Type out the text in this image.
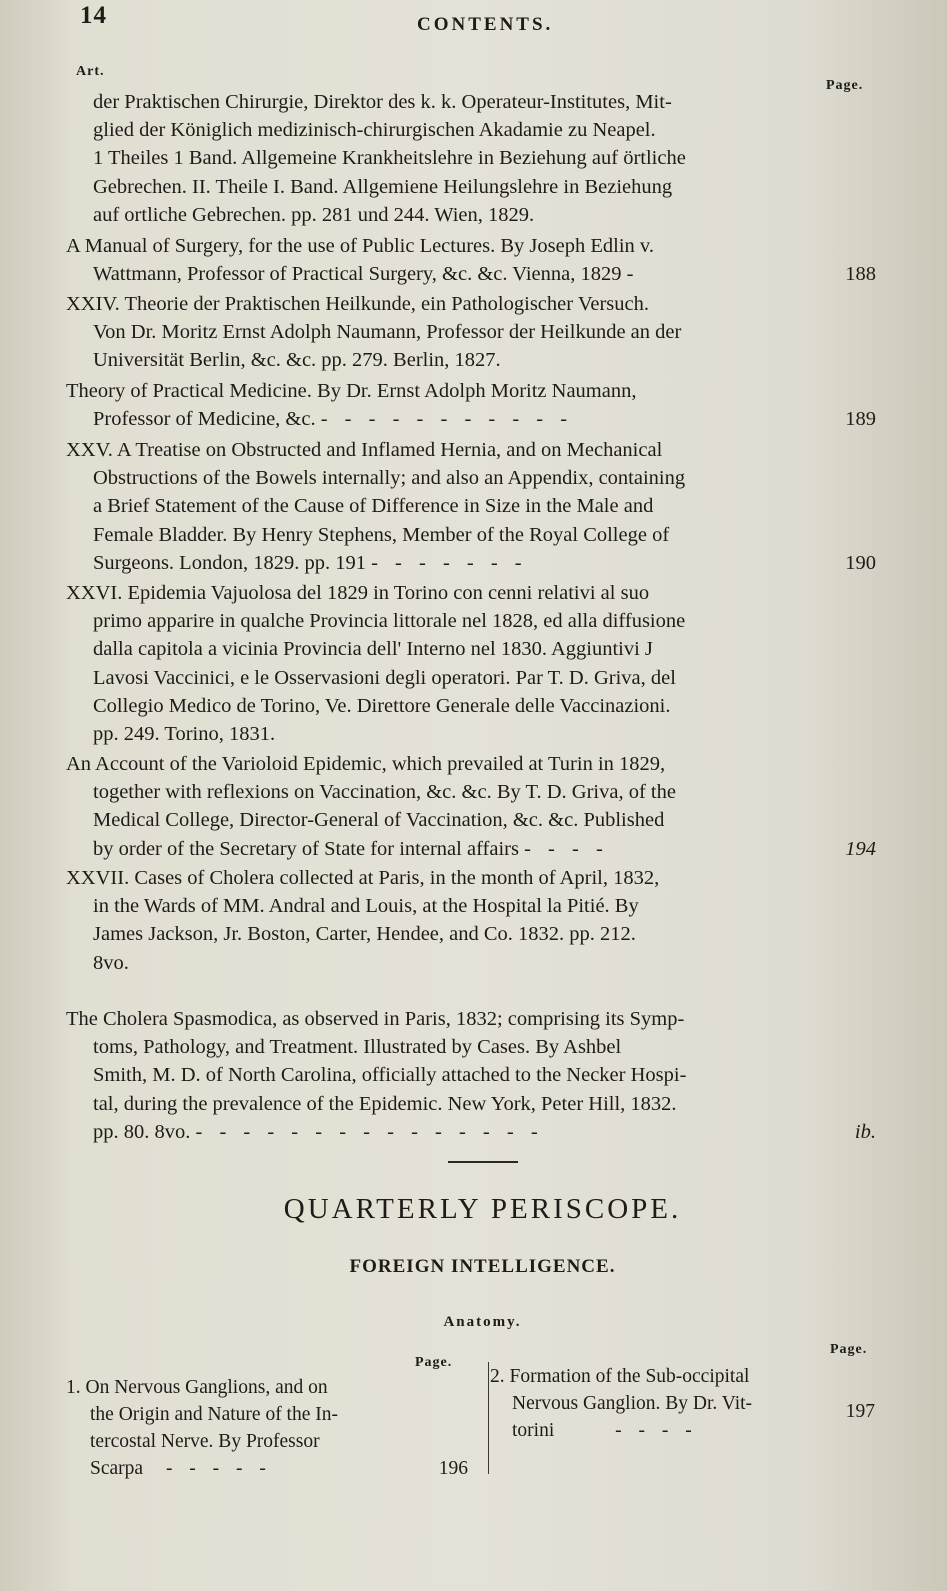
14	CONTENTS.
Art.
Page.
der Praktischen Chirurgie, Direktor des k. k. Operateur-Institutes, Mit-
glied der Königlich medizinisch-chirurgischen Akadamie zu Neapel.
1 Theiles 1 Band. Allgemeine Krankheitslehre in Beziehung auf örtliche
Gebrechen. II. Theile I. Band. Allgemiene Heilungslehre in Beziehung
auf ortliche Gebrechen. pp. 281 und 244. Wien, 1829.
A Manual of Surgery, for the use of Public Lectures. By Joseph Edlin v.
Wattmann, Professor of Practical Surgery, &c. &c. Vienna, 1829 -	188
XXIV. Theorie der Praktischen Heilkunde, ein Pathologischer Versuch.
Von Dr. Moritz Ernst Adolph Naumann, Professor der Heilkunde an der
Universität Berlin, &c. &c. pp. 279. Berlin, 1827.
Theory of Practical Medicine. By Dr. Ernst Adolph Moritz Naumann,
Professor of Medicine, &c. - - - - - - - - - - -	189
XXV. A Treatise on Obstructed and Inflamed Hernia, and on Mechanical
Obstructions of the Bowels internally; and also an Appendix, containing
a Brief Statement of the Cause of Difference in Size in the Male and
Female Bladder. By Henry Stephens, Member of the Royal College of
Surgeons. London, 1829. pp. 191 - - - - - - -	190
XXVI. Epidemia Vajuolosa del 1829 in Torino con cenni relativi al suo
primo apparire in qualche Provincia littorale nel 1828, ed alla diffusione
dalla capitola a vicinia Provincia dell' Interno nel 1830. Aggiuntivi J
Lavosi Vaccinici, e le Osservasioni degli operatori. Par T. D. Griva, del
Collegio Medico de Torino, Ve. Direttore Generale delle Vaccinazioni.
pp. 249. Torino, 1831.
An Account of the Varioloid Epidemic, which prevailed at Turin in 1829,
together with reflexions on Vaccination, &c. &c. By T. D. Griva, of the
Medical College, Director-General of Vaccination, &c. &c. Published
by order of the Secretary of State for internal affairs - - - -	194
XXVII. Cases of Cholera collected at Paris, in the month of April, 1832,
in the Wards of MM. Andral and Louis, at the Hospital la Pitié. By
James Jackson, Jr. Boston, Carter, Hendee, and Co. 1832. pp. 212.
8vo.
The Cholera Spasmodica, as observed in Paris, 1832; comprising its Symp-
toms, Pathology, and Treatment. Illustrated by Cases. By Ashbel
Smith, M. D. of North Carolina, officially attached to the Necker Hospi-
tal, during the prevalence of the Epidemic. New York, Peter Hill, 1832.
pp. 80. 8vo. - - - - - - - - - - - - - - -	ib.
QUARTERLY PERISCOPE.
FOREIGN INTELLIGENCE.
Anatomy.
Page.
Page.
1. On Nervous Ganglions, and on
the Origin and Nature of the In-
tercostal Nerve. By Professor
Scarpa - - - - -	196
2. Formation of the Sub-occipital
Nervous Ganglion. By Dr. Vit-	197
torini	- - - -
